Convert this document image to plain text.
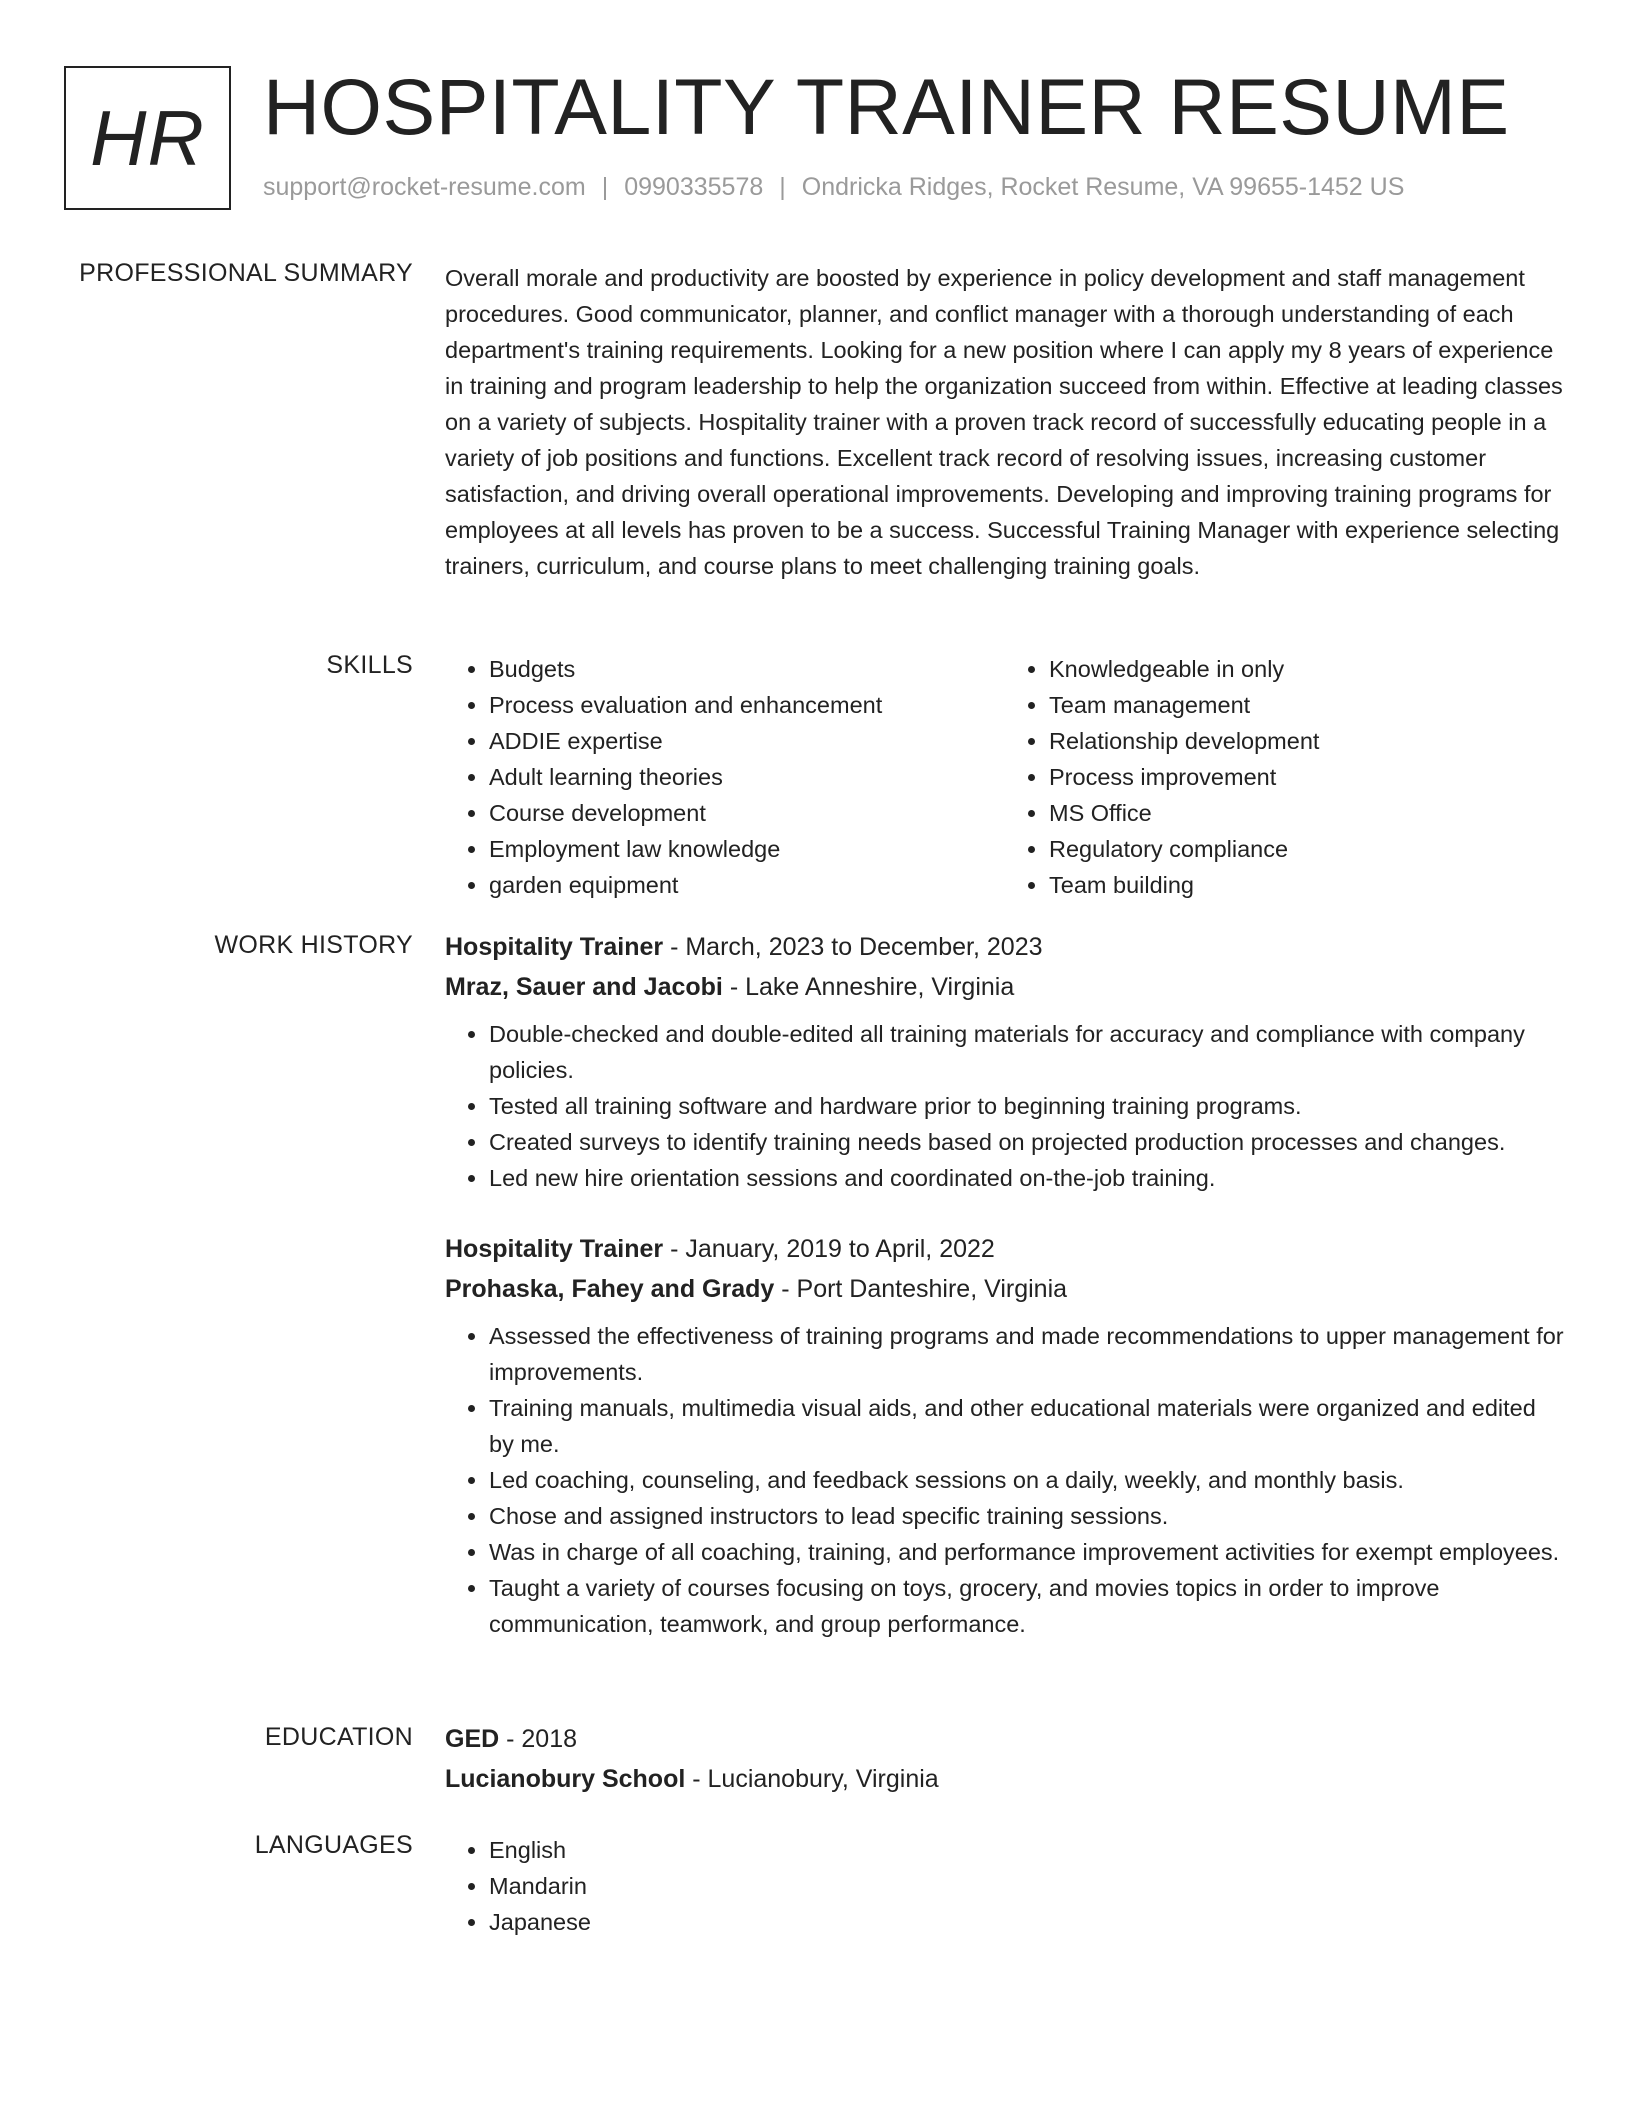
HR HOSPITALITY TRAINER RESUME
support@rocket-resume.com | 0990335578 | Ondricka Ridges, Rocket Resume, VA 99655-1452 US
PROFESSIONAL SUMMARY Overall morale and productivity are boosted by experience in policy development and staff management procedures. Good communicator, planner, and conflict manager with a thorough understanding of each department's training requirements. Looking for a new position where I can apply my 8 years of experience in training and program leadership to help the organization succeed from within. Effective at leading classes on a variety of subjects. Hospitality trainer with a proven track record of successfully educating people in a variety of job positions and functions. Excellent track record of resolving issues, increasing customer satisfaction, and driving overall operational improvements. Developing and improving training programs for employees at all levels has proven to be a success. Successful Training Manager with experience selecting trainers, curriculum, and course plans to meet challenging training goals.

SKILLS	• Budgets
• Process evaluation and enhancement
• ADDIE expertise
• Adult learning theories
• Course development
• Employment law knowledge
• garden equipment
• Knowledgeable in only
• Team management
• Relationship development
• Process improvement
• MS Office
• Regulatory compliance
• Team building
WORK HISTORY Hospitality Trainer - March, 2023 to December, 2023
Mraz, Sauer and Jacobi - Lake Anneshire, Virginia
• Double-checked and double-edited all training materials for accuracy and compliance with company policies.
• Tested all training software and hardware prior to beginning training programs.
• Created surveys to identify training needs based on projected production processes and changes.
• Led new hire orientation sessions and coordinated on-the-job training.
Hospitality Trainer - January, 2019 to April, 2022
Prohaska, Fahey and Grady - Port Danteshire, Virginia
• Assessed the effectiveness of training programs and made recommendations to upper management for improvements.
• Training manuals, multimedia visual aids, and other educational materials were organized and edited by me.
• Led coaching, counseling, and feedback sessions on a daily, weekly, and monthly basis.
• Chose and assigned instructors to lead specific training sessions.
• Was in charge of all coaching, training, and performance improvement activities for exempt employees.
• Taught a variety of courses focusing on toys, grocery, and movies topics in order to improve communication, teamwork, and group performance.
EDUCATION GED - 2018
Lucianobury School - Lucianobury, Virginia
LANGUAGES	• English
• Mandarin
• Japanese
